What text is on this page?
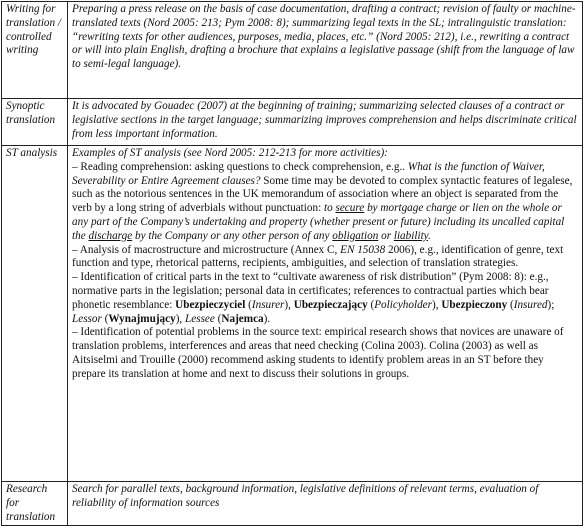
Writing for translation / controlled writing	Preparing a press release on the basis of case documentation, drafting a contract; revision of faulty or machine-translated texts (Nord 2005: 213; Pym 2008: 8); summarizing legal texts in the SL; intralinguistic translation: “rewriting texts for other audiences, purposes, media, places, etc.” (Nord 2005: 212), i.e., rewriting a contract or will into plain English, drafting a brochure that explains a legislative passage (shift from the language of law to semi-legal language).
Synoptic translation	It is advocated by Gouadec (2007) at the beginning of training; summarizing selected clauses of a contract or legislative sections in the target language; summarizing improves comprehension and helps discriminate critical from less important information.
ST analysis	Examples of ST analysis (see Nord 2005: 212-213 for more activities):

– Reading comprehension: asking questions to check comprehension, e.g.. What is the function of Waiver, Severability or Entire Agreement clauses? Some time may be devoted to complex syntactic features of legalese, such as the notorious sentences in the UK memorandum of association where an object is separated from the verb by a long string of adverbials without punctuation: to secure by mortgage charge or lien on the whole or any part of the Company’s undertaking and property (whether present or future) including its uncalled capital the discharge by the Company or any other person of any obligation or liability.

– Analysis of macrostructure and microstructure (Annex C, EN 15038 2006), e.g., identification of genre, text function and type, rhetorical patterns, recipients, ambiguities, and selection of translation strategies.

– Identification of critical parts in the text to “cultivate awareness of risk distribution” (Pym 2008: 8): e.g., normative parts in the legislation; personal data in certificates; references to contractual parties which bear phonetic resemblance: Ubezpieczyciel (Insurer), Ubezpieczający (Policyholder), Ubezpieczony (Insured); Lessor (Wynajmujący), Lessee (Najemca).

– Identification of potential problems in the source text: empirical research shows that novices are unaware of translation problems, interferences and areas that need checking (Colina 2003). Colina (2003) as well as Aitsiselmi and Trouille (2000) recommend asking students to identify problem areas in an ST before they prepare its translation at home and next to discuss their solutions in groups.

Research for translation	Search for parallel texts, background information, legislative definitions of relevant terms, evaluation of reliability of information sources
